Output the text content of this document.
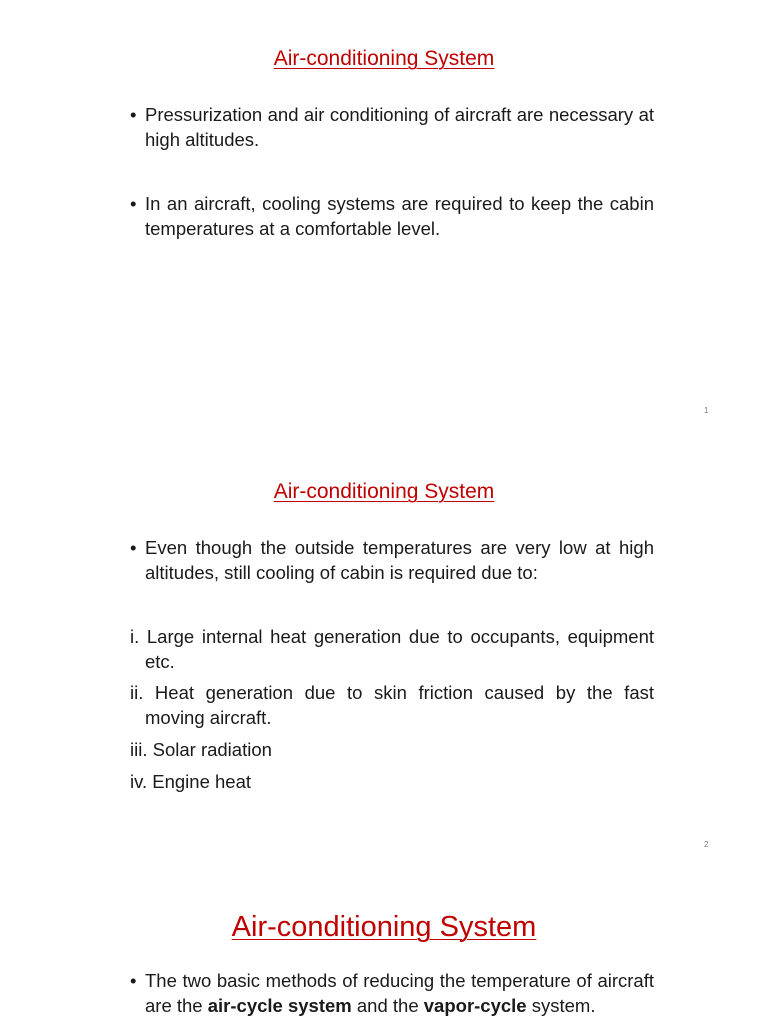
Air-conditioning System
• Pressurization and air conditioning of aircraft are necessary at high altitudes.
• In an aircraft, cooling systems are required to keep the cabin temperatures at a comfortable level.
1
Air-conditioning System
• Even though the outside temperatures are very low at high altitudes, still cooling of cabin is required due to:
i. Large internal heat generation due to occupants, equipment etc.
ii. Heat generation due to skin friction caused by the fast moving aircraft.
iii. Solar radiation
iv. Engine heat
2
Air-conditioning System
• The two basic methods of reducing the temperature of aircraft are the air-cycle system and the vapor-cycle system.
